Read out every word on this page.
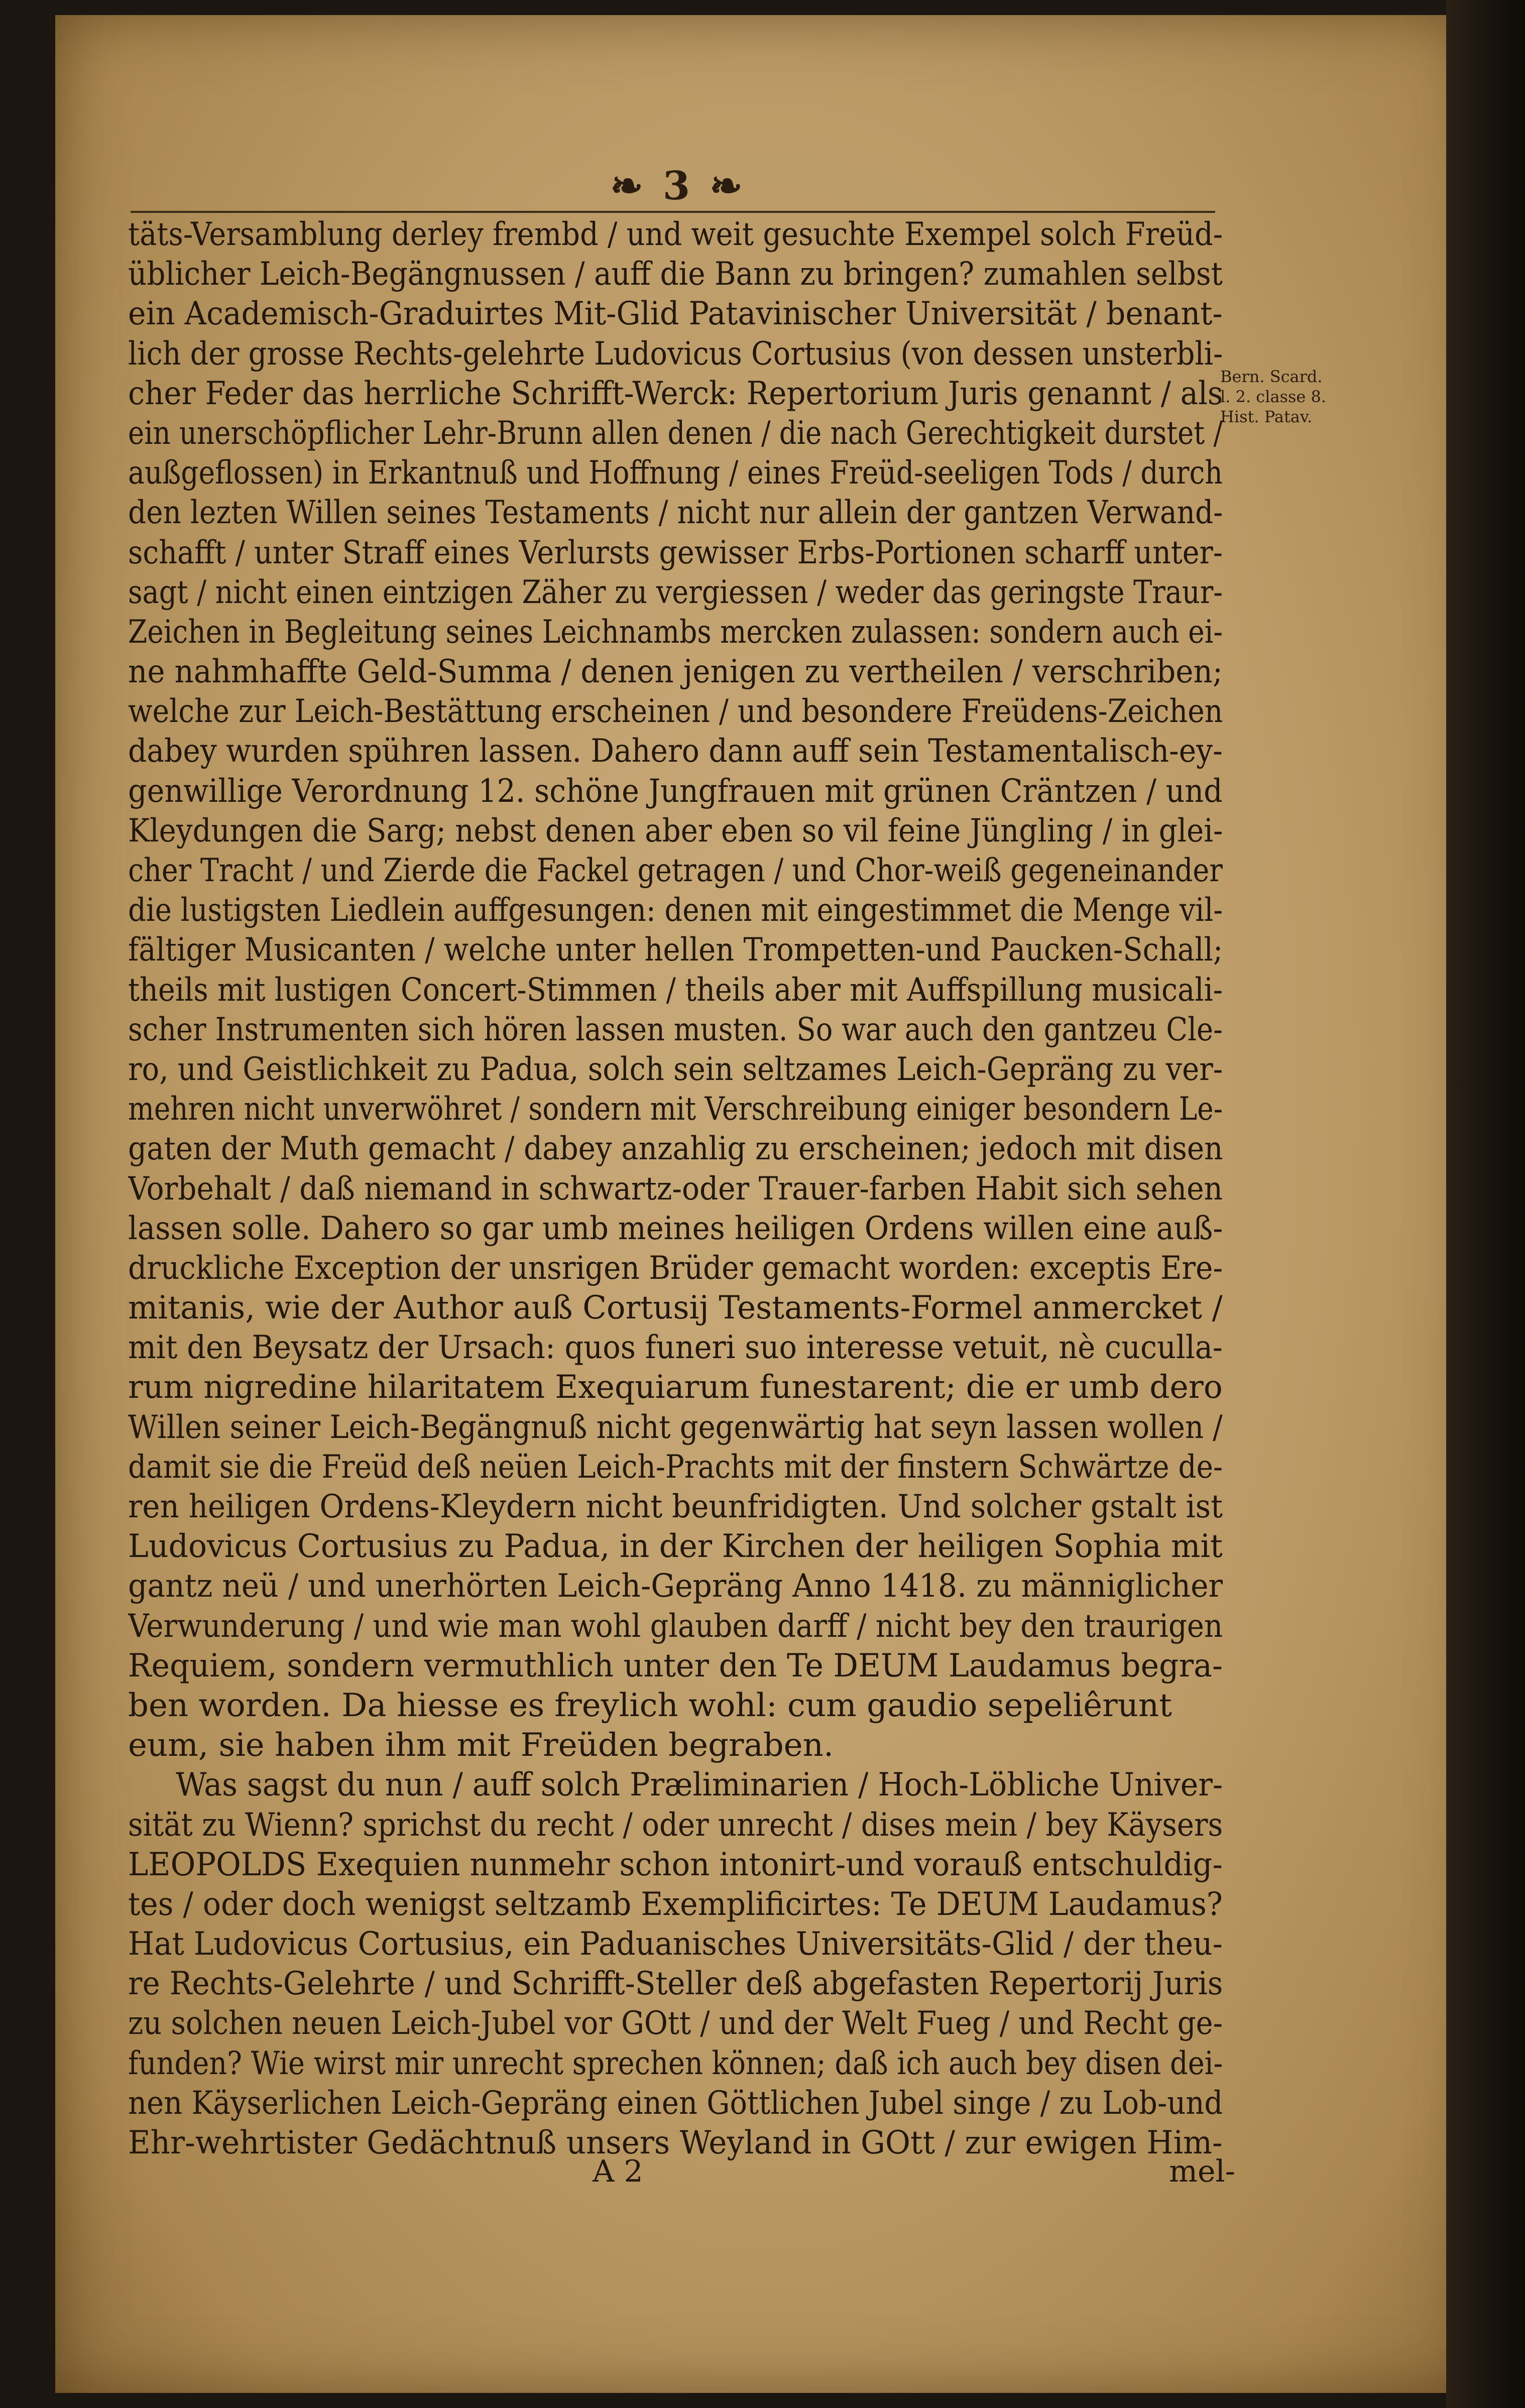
❧ 3 ❧
Bern. Scard.
l. 2. classe 8.
Hist. Patav.
täts-Versamblung derley frembd / und weit gesuchte Exempel solch Freüd-
üblicher Leich-Begängnussen / auff die Bann zu bringen? zumahlen selbst
ein Academisch-Graduirtes Mit-Glid Patavinischer Universität / benant-
lich der grosse Rechts-gelehrte Ludovicus Cortusius (von dessen unsterbli-
cher Feder das herrliche Schrifft-Werck: Repertorium Juris genannt / als
ein unerschöpflicher Lehr-Brunn allen denen / die nach Gerechtigkeit durstet /
außgeflossen) in Erkantnuß und Hoffnung / eines Freüd-seeligen Tods / durch
den lezten Willen seines Testaments / nicht nur allein der gantzen Verwand-
schafft / unter Straff eines Verlursts gewisser Erbs-Portionen scharff unter-
sagt / nicht einen eintzigen Zäher zu vergiessen / weder das geringste Traur-
Zeichen in Begleitung seines Leichnambs mercken zulassen: sondern auch ei-
ne nahmhaffte Geld-Summa / denen jenigen zu vertheilen / verschriben;
welche zur Leich-Bestättung erscheinen / und besondere Freüdens-Zeichen
dabey wurden spühren lassen. Dahero dann auff sein Testamentalisch-ey-
genwillige Verordnung 12. schöne Jungfrauen mit grünen Cräntzen / und
Kleydungen die Sarg; nebst denen aber eben so vil feine Jüngling / in glei-
cher Tracht / und Zierde die Fackel getragen / und Chor-weiß gegeneinander
die lustigsten Liedlein auffgesungen: denen mit eingestimmet die Menge vil-
fältiger Musicanten / welche unter hellen Trompetten-und Paucken-Schall;
theils mit lustigen Concert-Stimmen / theils aber mit Auffspillung musicali-
scher Instrumenten sich hören lassen musten. So war auch den gantzeu Cle-
ro, und Geistlichkeit zu Padua, solch sein seltzames Leich-Gepräng zu ver-
mehren nicht unverwöhret / sondern mit Verschreibung einiger besondern Le-
gaten der Muth gemacht / dabey anzahlig zu erscheinen; jedoch mit disen
Vorbehalt / daß niemand in schwartz-oder Trauer-farben Habit sich sehen
lassen solle. Dahero so gar umb meines heiligen Ordens willen eine auß-
druckliche Exception der unsrigen Brüder gemacht worden: exceptis Ere-
mitanis, wie der Author auß Cortusij Testaments-Formel anmercket /
mit den Beysatz der Ursach: quos funeri suo interesse vetuit, nè cuculla-
rum nigredine hilaritatem Exequiarum funestarent; die er umb dero
Willen seiner Leich-Begängnuß nicht gegenwärtig hat seyn lassen wollen /
damit sie die Freüd deß neüen Leich-Prachts mit der finstern Schwärtze de-
ren heiligen Ordens-Kleydern nicht beunfridigten. Und solcher gstalt ist
Ludovicus Cortusius zu Padua, in der Kirchen der heiligen Sophia mit
gantz neü / und unerhörten Leich-Gepräng Anno 1418. zu männiglicher
Verwunderung / und wie man wohl glauben darff / nicht bey den traurigen
Requiem, sondern vermuthlich unter den Te DEUM Laudamus begra-
ben worden. Da hiesse es freylich wohl: cum gaudio sepeliêrunt
eum, sie haben ihm mit Freüden begraben.
Was sagst du nun / auff solch Præliminarien / Hoch-Löbliche Univer-
sität zu Wienn? sprichst du recht / oder unrecht / dises mein / bey Käysers
LEOPOLDS Exequien nunmehr schon intonirt-und vorauß entschuldig-
tes / oder doch wenigst seltzamb Exemplificirtes: Te DEUM Laudamus?
Hat Ludovicus Cortusius, ein Paduanisches Universitäts-Glid / der theu-
re Rechts-Gelehrte / und Schrifft-Steller deß abgefasten Repertorij Juris
zu solchen neuen Leich-Jubel vor GOtt / und der Welt Fueg / und Recht ge-
funden? Wie wirst mir unrecht sprechen können; daß ich auch bey disen dei-
nen Käyserlichen Leich-Gepräng einen Göttlichen Jubel singe / zu Lob-und
Ehr-wehrtister Gedächtnuß unsers Weyland in GOtt / zur ewigen Him-
A 2	mel-
